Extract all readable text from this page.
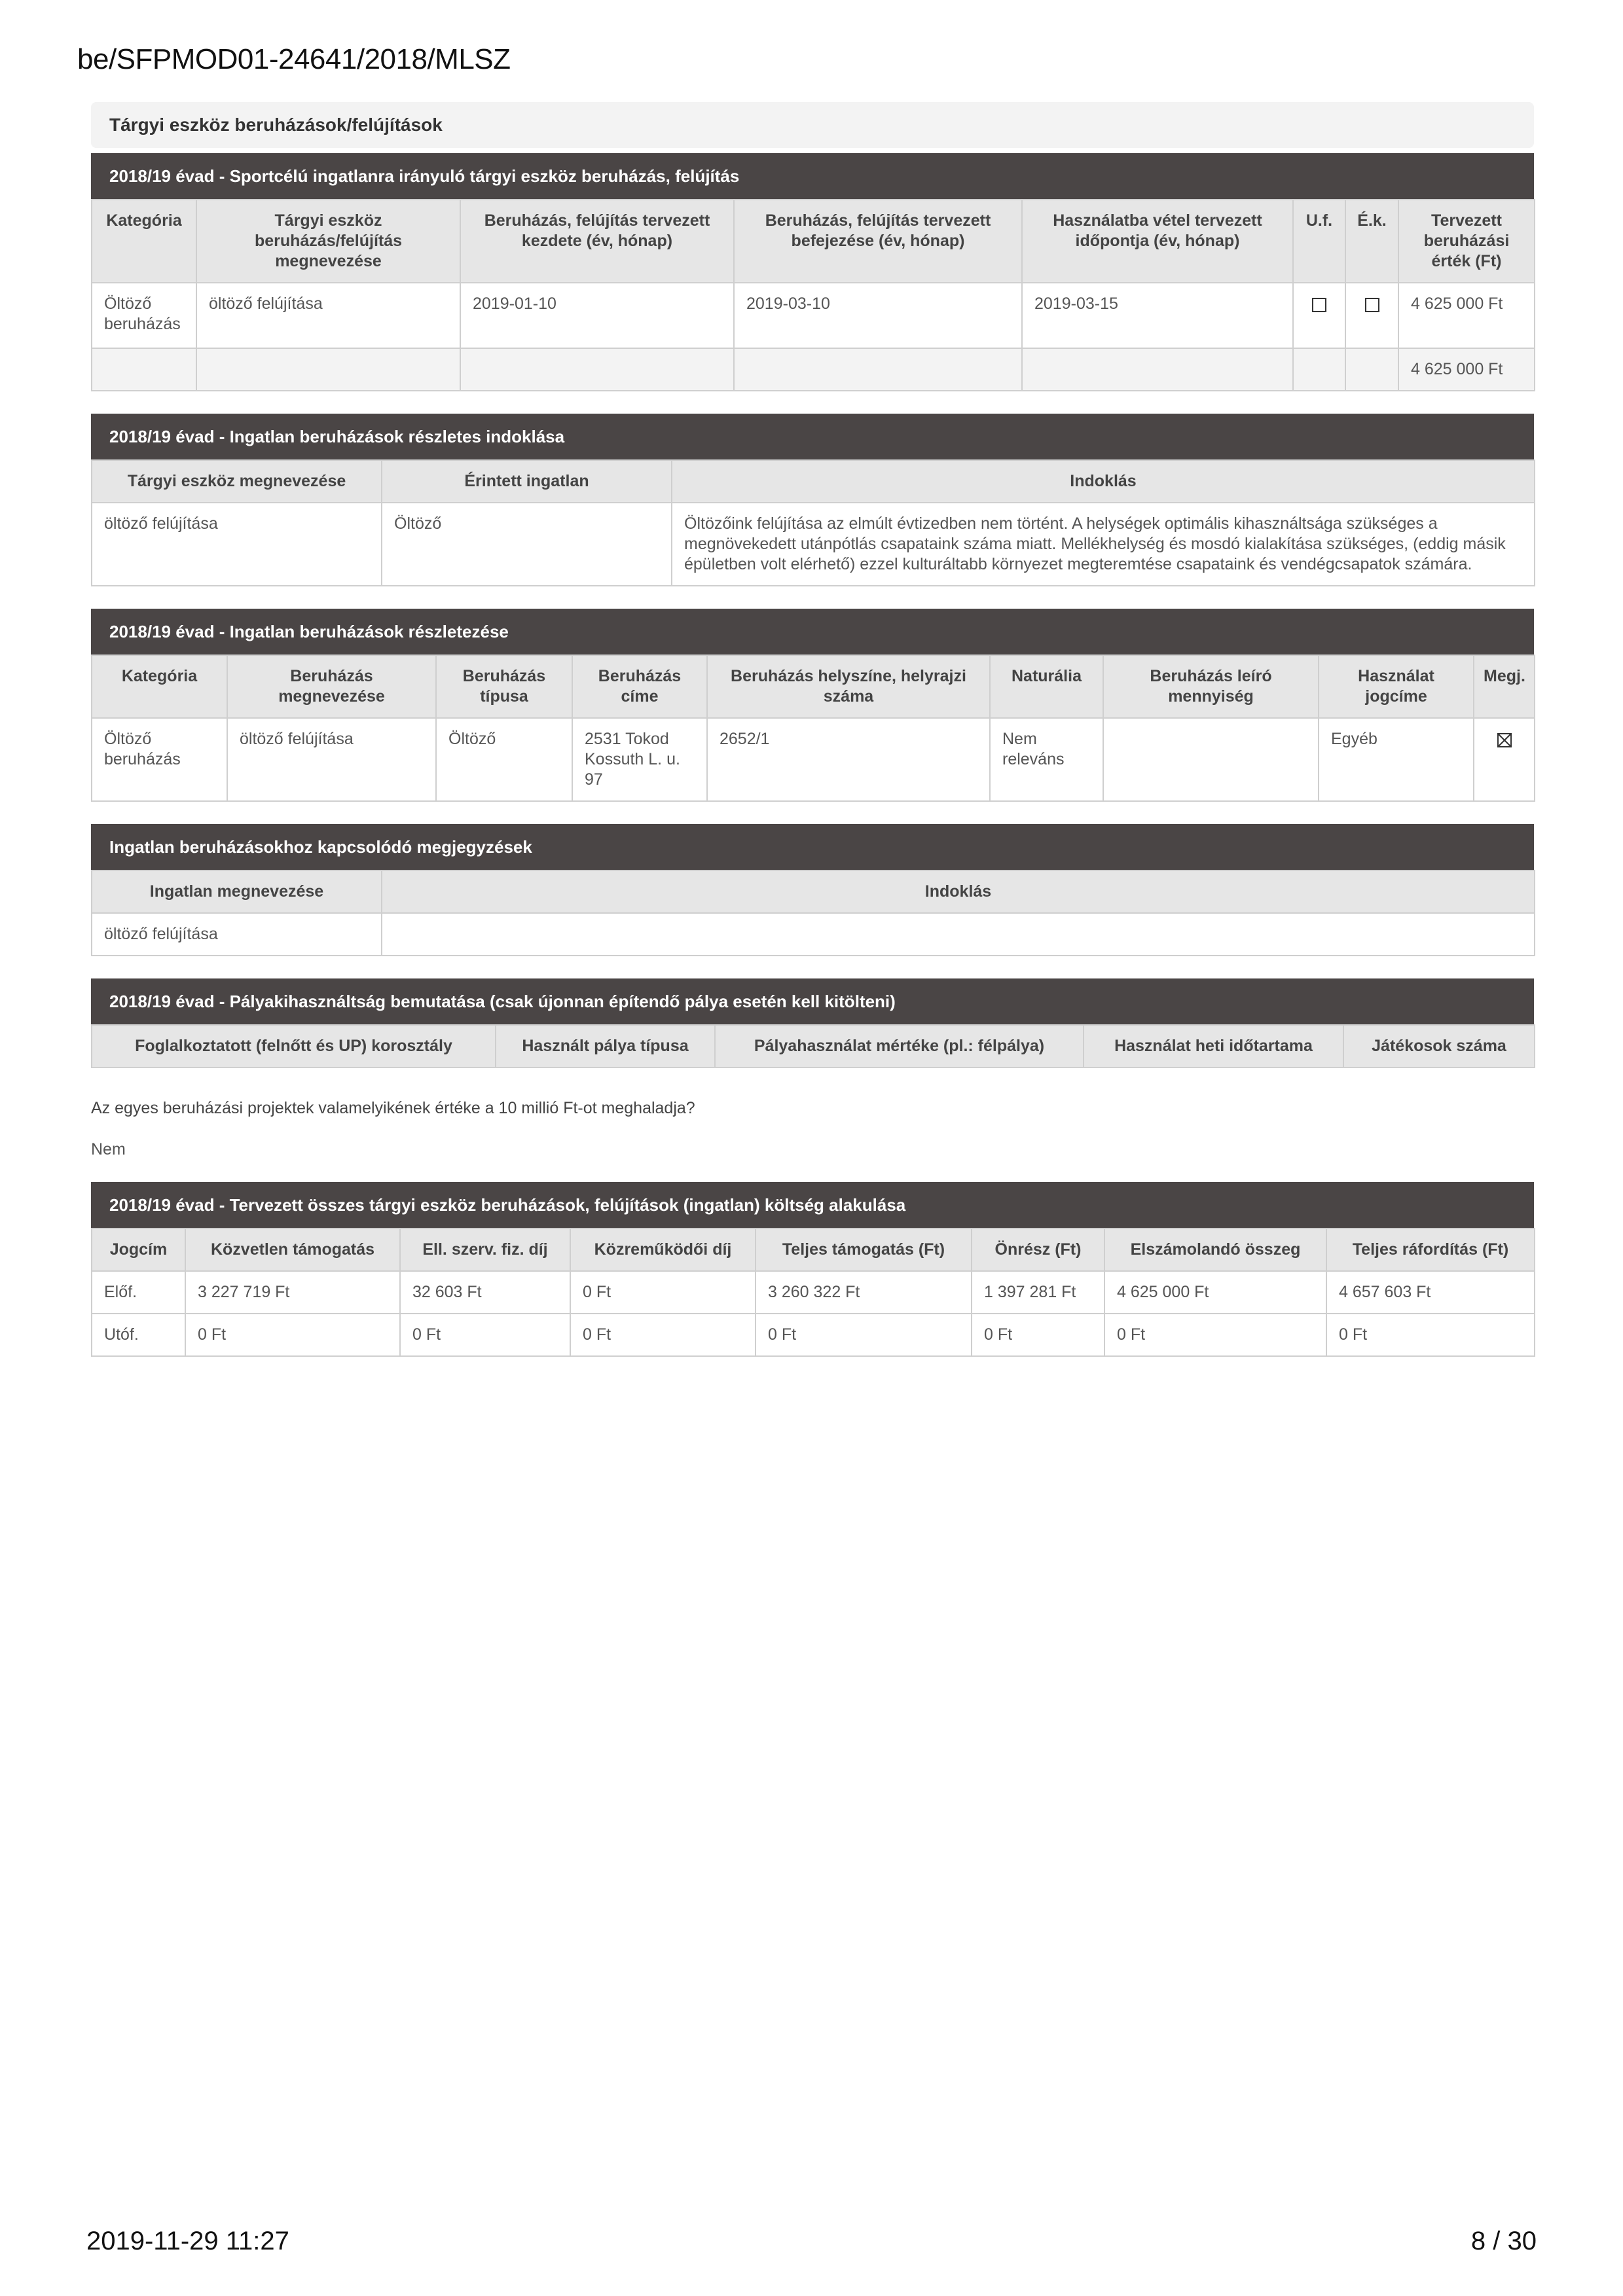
be/SFPMOD01-24641/2018/MLSZ
Tárgyi eszköz beruházások/felújítások
2018/19 évad - Sportcélú ingatlanra irányuló tárgyi eszköz beruházás, felújítás
Kategória	Tárgyi eszköz beruházás/felújítás megnevezése	Beruházás, felújítás tervezett kezdete (év, hónap)	Beruházás, felújítás tervezett befejezése (év, hónap)	Használatba vétel tervezett időpontja (év, hónap)	U.f.	É.k.	Tervezett beruházási érték (Ft)
Öltöző beruházás	öltöző felújítása	2019-01-10	2019-03-10	2019-03-15			4 625 000 Ft
							4 625 000 Ft
2018/19 évad - Ingatlan beruházások részletes indoklása
Tárgyi eszköz megnevezése	Érintett ingatlan	Indoklás
öltöző felújítása	Öltöző	Öltözőink felújítása az elmúlt évtizedben nem történt. A helységek optimális kihasználtsága szükséges a megnövekedett utánpótlás csapataink száma miatt. Mellékhelység és mosdó kialakítása szükséges, (eddig másik épületben volt elérhető) ezzel kulturáltabb környezet megteremtése csapataink és vendégcsapatok számára.
2018/19 évad - Ingatlan beruházások részletezése
Kategória	Beruházás megnevezése	Beruházás típusa	Beruházás címe	Beruházás helyszíne, helyrajzi száma	Naturália	Beruházás leíró mennyiség	Használat jogcíme	Megj.
Öltöző beruházás	öltöző felújítása	Öltöző	2531 Tokod Kossuth L. u. 97	2652/1	Nem releváns		Egyéb	
Ingatlan beruházásokhoz kapcsolódó megjegyzések
Ingatlan megnevezése	Indoklás
öltöző felújítása	
2018/19 évad - Pályakihasználtság bemutatása (csak újonnan építendő pálya esetén kell kitölteni)
Foglalkoztatott (felnőtt és UP) korosztály	Használt pálya típusa	Pályahasználat mértéke (pl.: félpálya)	Használat heti időtartama	Játékosok száma
Az egyes beruházási projektek valamelyikének értéke a 10 millió Ft-ot meghaladja?
Nem
2018/19 évad - Tervezett összes tárgyi eszköz beruházások, felújítások (ingatlan) költség alakulása
Jogcím	Közvetlen támogatás	Ell. szerv. fiz. díj	Közreműködői díj	Teljes támogatás (Ft)	Önrész (Ft)	Elszámolandó összeg	Teljes ráfordítás (Ft)
Előf.	3 227 719 Ft	32 603 Ft	0 Ft	3 260 322 Ft	1 397 281 Ft	4 625 000 Ft	4 657 603 Ft
Utóf.	0 Ft	0 Ft	0 Ft	0 Ft	0 Ft	0 Ft	0 Ft
2019-11-29 11:27	8 / 30
